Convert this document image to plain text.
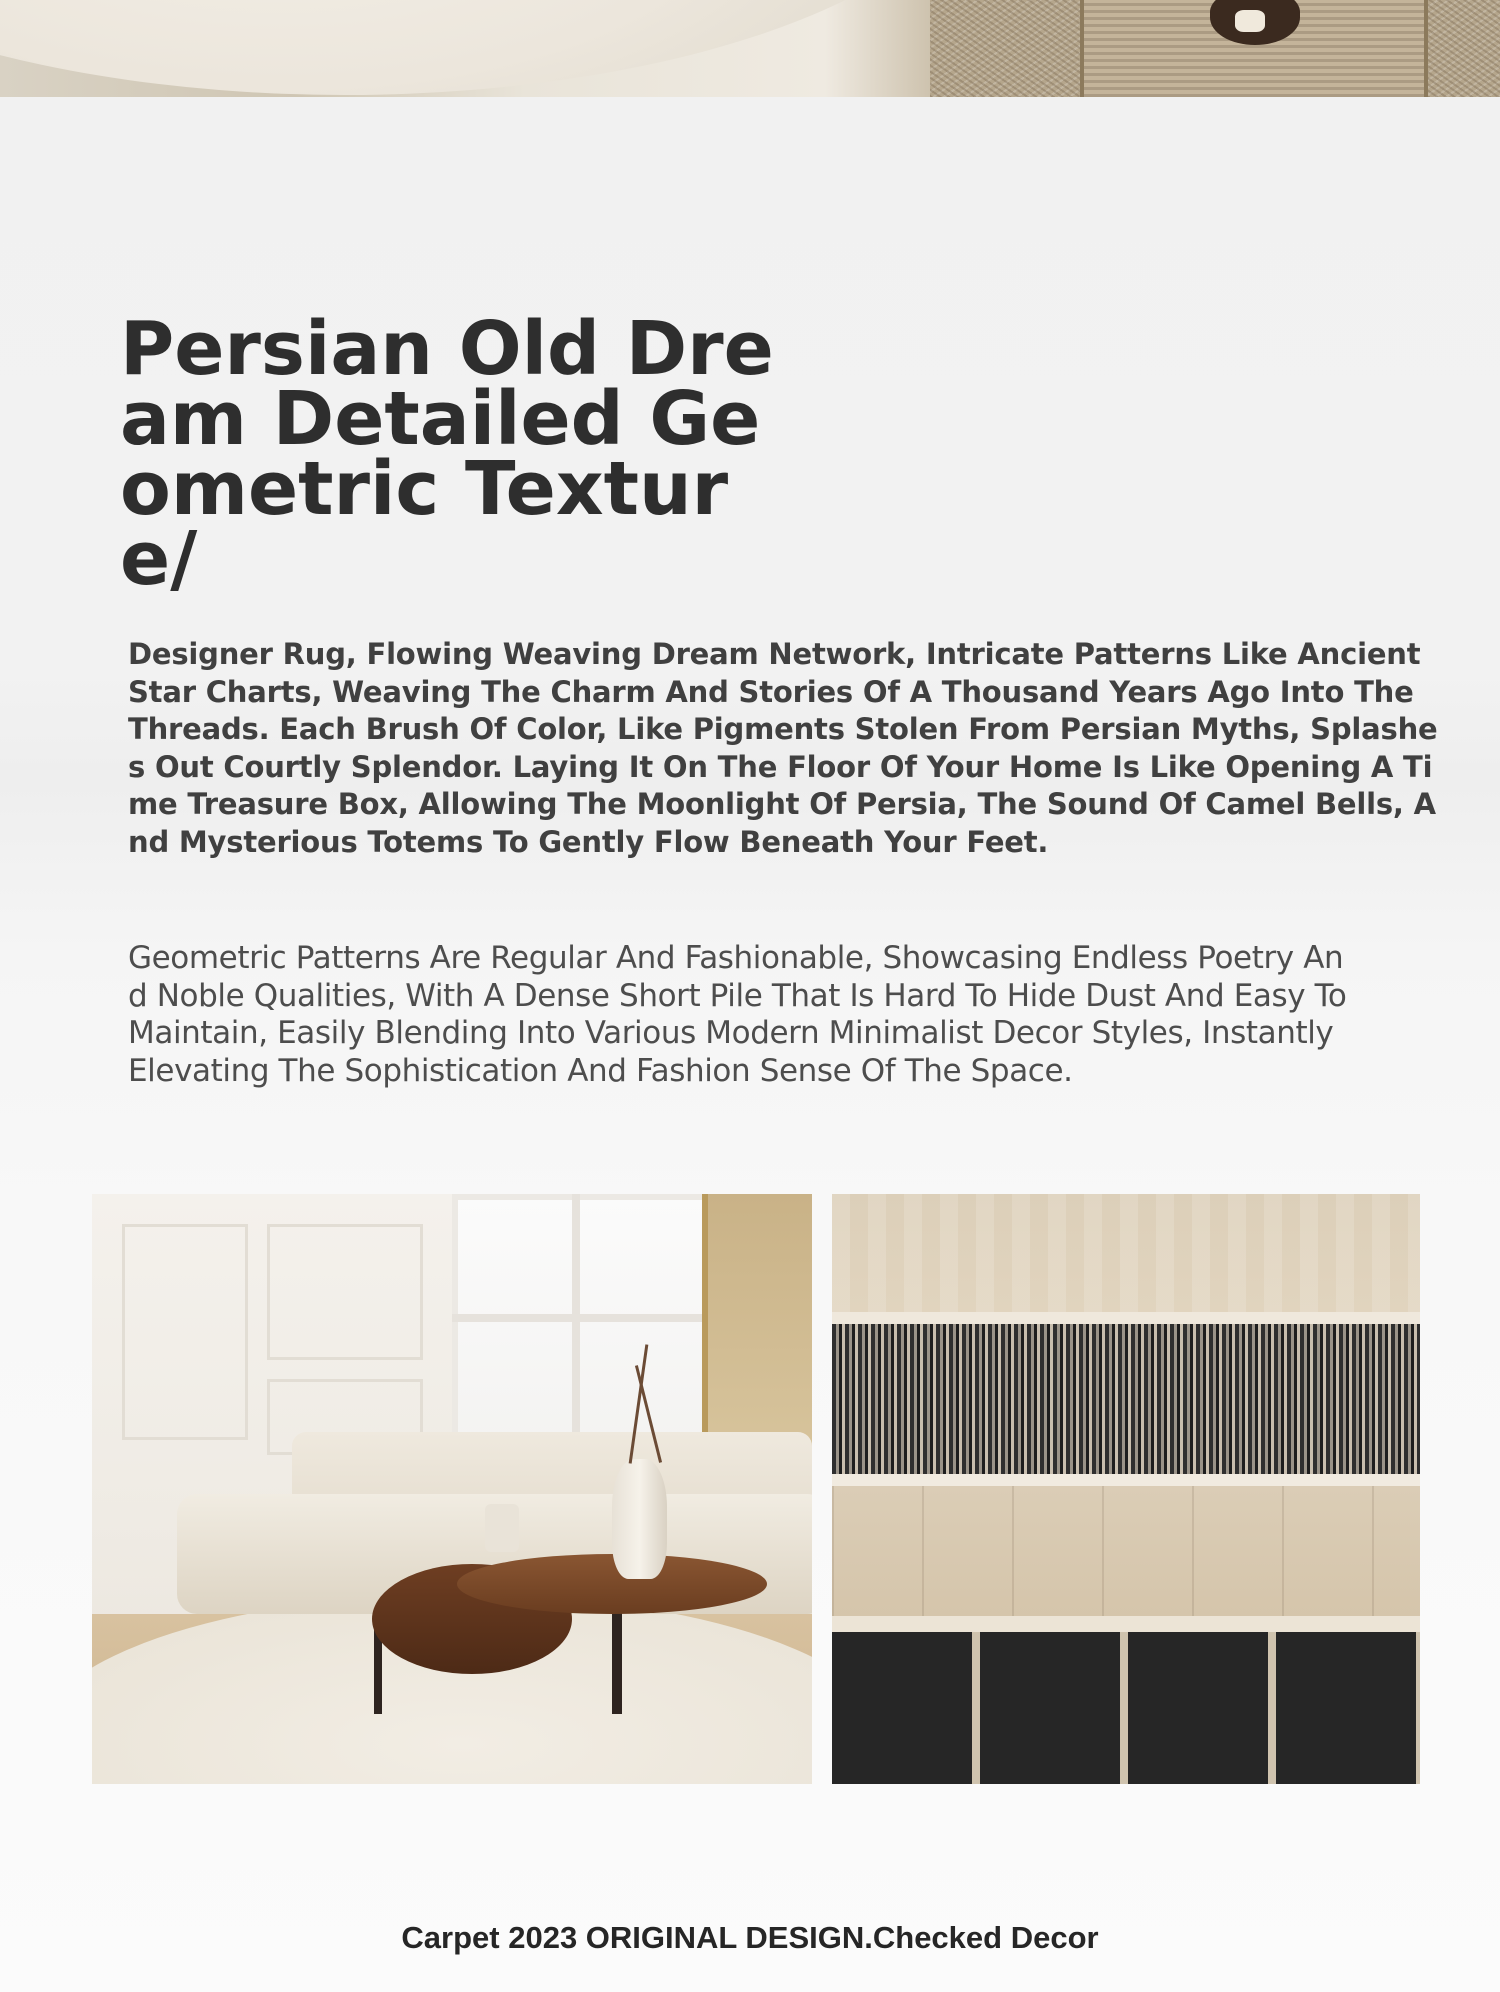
Persian Old Dream Detailed Geometric Texture/

Designer Rug, Flowing Weaving Dream Network, Intricate Patterns Like Ancient Star Charts, Weaving The Charm And Stories Of A Thousand Years Ago Into The Threads. Each Brush Of Color, Like Pigments Stolen From Persian Myths, Splashes Out Courtly Splendor. Laying It On The Floor Of Your Home Is Like Opening A Time Treasure Box, Allowing The Moonlight Of Persia, The Sound Of Camel Bells, And Mysterious Totems To Gently Flow Beneath Your Feet.

Geometric Patterns Are Regular And Fashionable, Showcasing Endless Poetry And Noble Qualities, With A Dense Short Pile That Is Hard To Hide Dust And Easy To Maintain, Easily Blending Into Various Modern Minimalist Decor Styles, Instantly Elevating The Sophistication And Fashion Sense Of The Space.

Carpet 2023 ORIGINAL DESIGN.Checked Decor
